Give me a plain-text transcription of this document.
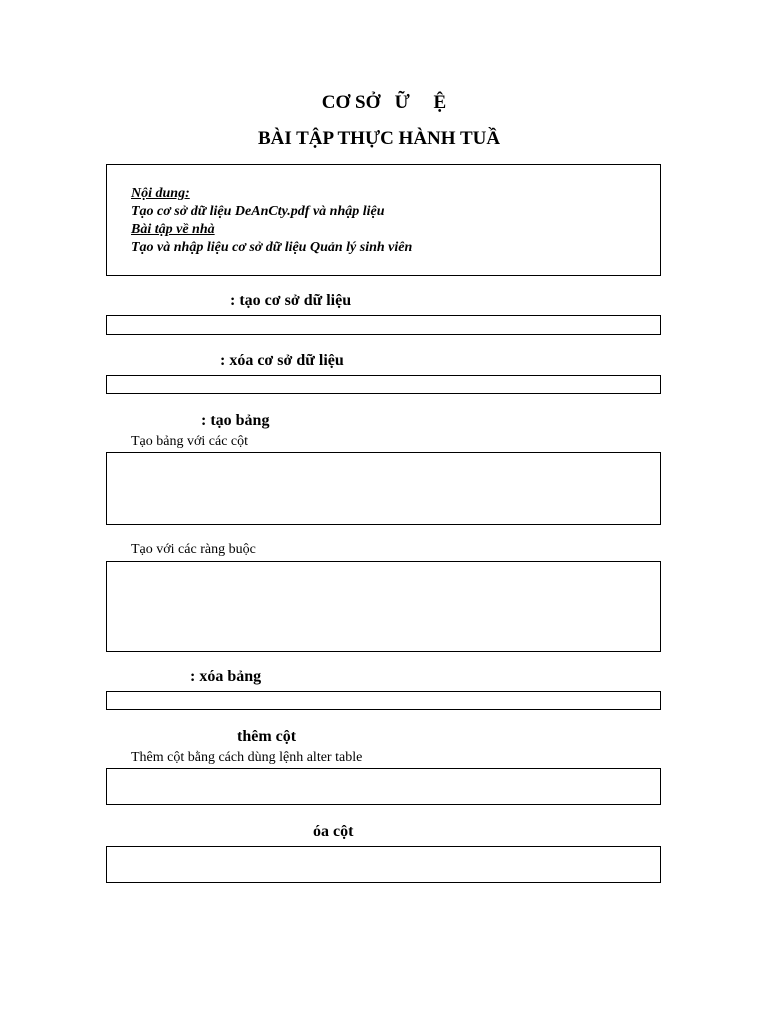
CƠ SỞ   Ữ     Ệ
BÀI TẬP THỰC HÀNH TUẦ
Nội dung:
Tạo cơ sở dữ liệu DeAnCty.pdf và nhập liệu
Bài tập về nhà
Tạo và nhập liệu cơ sở dữ liệu Quản lý sinh viên
: tạo cơ sở dữ liệu
: xóa cơ sở dữ liệu
: tạo bảng
Tạo bảng với các cột
Tạo với các ràng buộc
: xóa bảng
thêm cột
Thêm cột bằng cách dùng lệnh alter table
óa cột
